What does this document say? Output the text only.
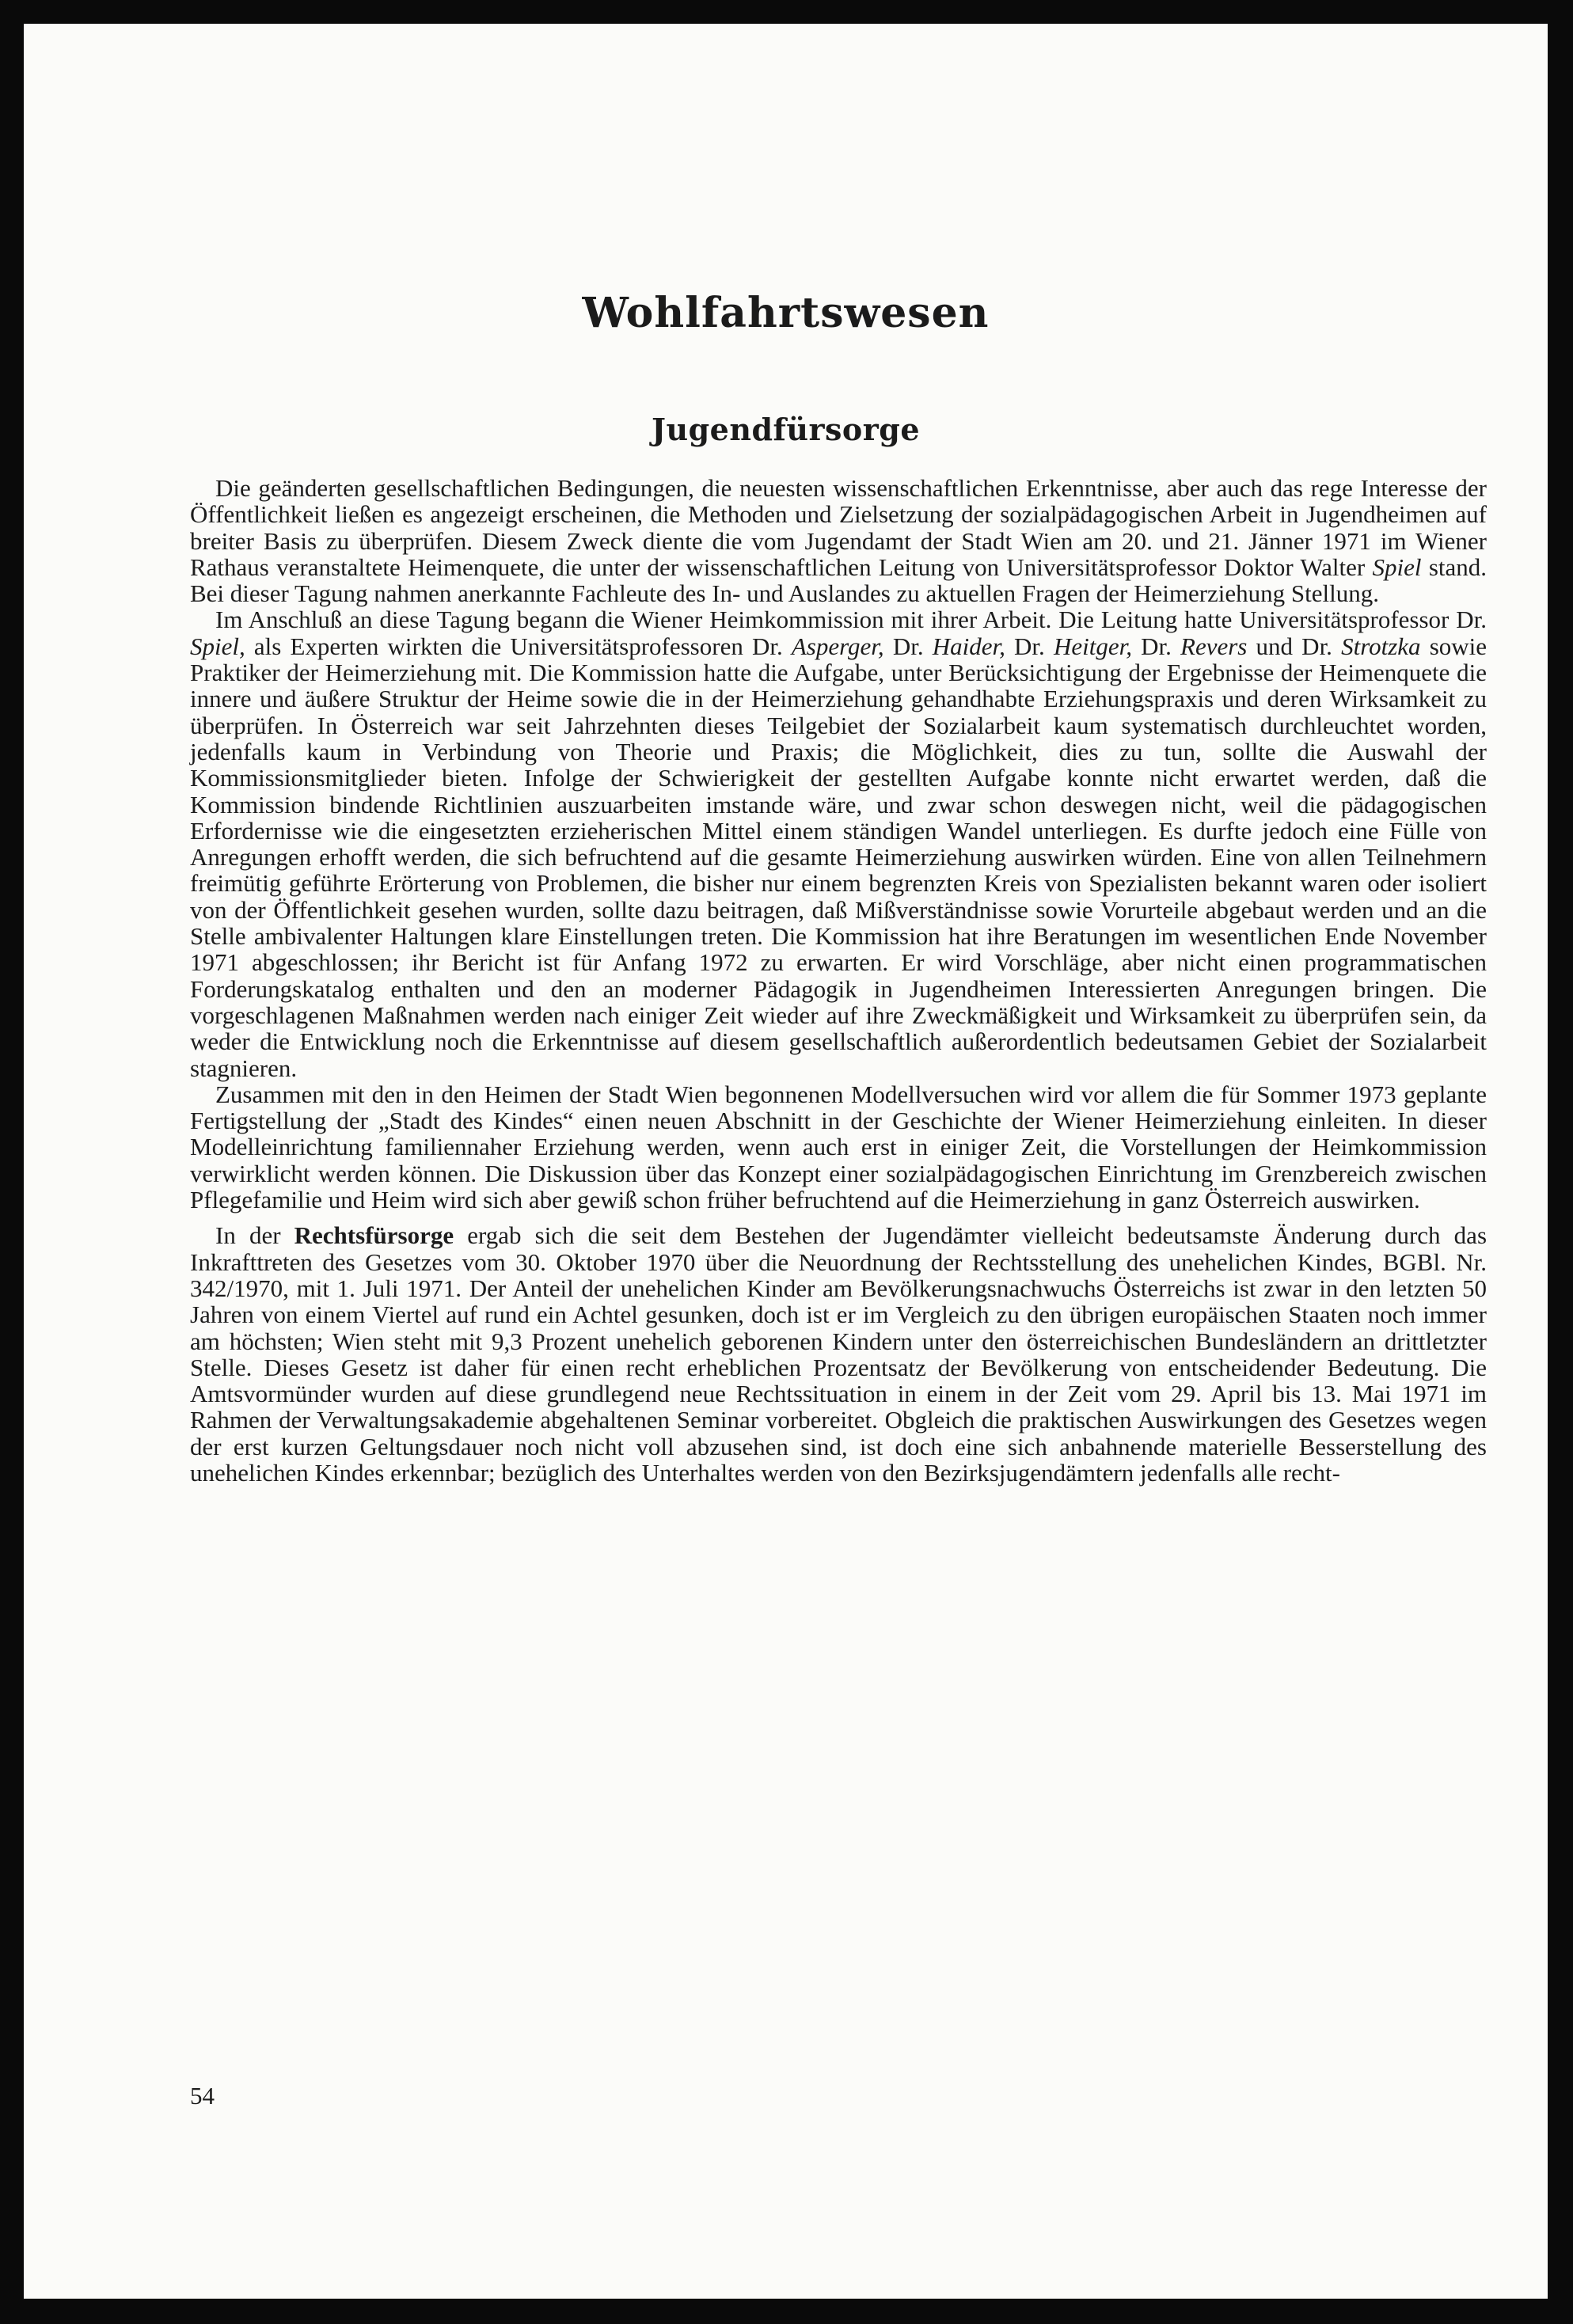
Wohlfahrtswesen
Jugendfürsorge

Die geänderten gesellschaftlichen Bedingungen, die neuesten wissenschaftlichen Erkenntnisse, aber auch das rege Interesse der Öffentlichkeit ließen es angezeigt erscheinen, die Methoden und Zielsetzung der sozialpädagogischen Arbeit in Jugendheimen auf breiter Basis zu überprüfen. Diesem Zweck diente die vom Jugendamt der Stadt Wien am 20. und 21. Jänner 1971 im Wiener Rathaus veranstaltete Heimenquete, die unter der wissenschaftlichen Leitung von Universitätsprofessor Doktor Walter Spiel stand. Bei dieser Tagung nahmen anerkannte Fachleute des In- und Auslandes zu aktuellen Fragen der Heimerziehung Stellung.

Im Anschluß an diese Tagung begann die Wiener Heimkommission mit ihrer Arbeit. Die Leitung hatte Universitätsprofessor Dr. Spiel, als Experten wirkten die Universitätsprofessoren Dr. Asperger, Dr. Haider, Dr. Heitger, Dr. Revers und Dr. Strotzka sowie Praktiker der Heimerziehung mit. Die Kommission hatte die Aufgabe, unter Berücksichtigung der Ergebnisse der Heimenquete die innere und äußere Struktur der Heime sowie die in der Heimerziehung gehandhabte Erziehungspraxis und deren Wirksamkeit zu überprüfen. In Österreich war seit Jahrzehnten dieses Teilgebiet der Sozialarbeit kaum systematisch durchleuchtet worden, jedenfalls kaum in Verbindung von Theorie und Praxis; die Möglichkeit, dies zu tun, sollte die Auswahl der Kommissionsmitglieder bieten. Infolge der Schwierigkeit der gestellten Aufgabe konnte nicht erwartet werden, daß die Kommission bindende Richtlinien auszuarbeiten imstande wäre, und zwar schon deswegen nicht, weil die pädagogischen Erfordernisse wie die eingesetzten erzieherischen Mittel einem ständigen Wandel unterliegen. Es durfte jedoch eine Fülle von Anregungen erhofft werden, die sich befruchtend auf die gesamte Heimerziehung auswirken würden. Eine von allen Teilnehmern freimütig geführte Erörterung von Problemen, die bisher nur einem begrenzten Kreis von Spezialisten bekannt waren oder isoliert von der Öffentlichkeit gesehen wurden, sollte dazu beitragen, daß Mißverständnisse sowie Vorurteile abgebaut werden und an die Stelle ambivalenter Haltungen klare Einstellungen treten. Die Kommission hat ihre Beratungen im wesentlichen Ende November 1971 abgeschlossen; ihr Bericht ist für Anfang 1972 zu erwarten. Er wird Vorschläge, aber nicht einen programmatischen Forderungskatalog enthalten und den an moderner Pädagogik in Jugendheimen Interessierten Anregungen bringen. Die vorgeschlagenen Maßnahmen werden nach einiger Zeit wieder auf ihre Zweckmäßigkeit und Wirksamkeit zu überprüfen sein, da weder die Entwicklung noch die Erkenntnisse auf diesem gesellschaftlich außerordentlich bedeutsamen Gebiet der Sozialarbeit stagnieren.

Zusammen mit den in den Heimen der Stadt Wien begonnenen Modellversuchen wird vor allem die für Sommer 1973 geplante Fertigstellung der „Stadt des Kindes“ einen neuen Abschnitt in der Geschichte der Wiener Heimerziehung einleiten. In dieser Modelleinrichtung familiennaher Erziehung werden, wenn auch erst in einiger Zeit, die Vorstellungen der Heimkommission verwirklicht werden können. Die Diskussion über das Konzept einer sozialpädagogischen Einrichtung im Grenzbereich zwischen Pflegefamilie und Heim wird sich aber gewiß schon früher befruchtend auf die Heimerziehung in ganz Österreich auswirken.

In der Rechtsfürsorge ergab sich die seit dem Bestehen der Jugendämter vielleicht bedeutsamste Änderung durch das Inkrafttreten des Gesetzes vom 30. Oktober 1970 über die Neuordnung der Rechtsstellung des unehelichen Kindes, BGBl. Nr. 342/1970, mit 1. Juli 1971. Der Anteil der unehelichen Kinder am Bevölkerungsnachwuchs Österreichs ist zwar in den letzten 50 Jahren von einem Viertel auf rund ein Achtel gesunken, doch ist er im Vergleich zu den übrigen europäischen Staaten noch immer am höchsten; Wien steht mit 9,3 Prozent unehelich geborenen Kindern unter den österreichischen Bundesländern an drittletzter Stelle. Dieses Gesetz ist daher für einen recht erheblichen Prozentsatz der Bevölkerung von entscheidender Bedeutung. Die Amtsvormünder wurden auf diese grundlegend neue Rechtssituation in einem in der Zeit vom 29. April bis 13. Mai 1971 im Rahmen der Verwaltungsakademie abgehaltenen Seminar vorbereitet. Obgleich die praktischen Auswirkungen des Gesetzes wegen der erst kurzen Geltungsdauer noch nicht voll abzusehen sind, ist doch eine sich anbahnende materielle Besserstellung des unehelichen Kindes erkennbar; bezüglich des Unterhaltes werden von den Bezirksjugendämtern jedenfalls alle recht-

54
